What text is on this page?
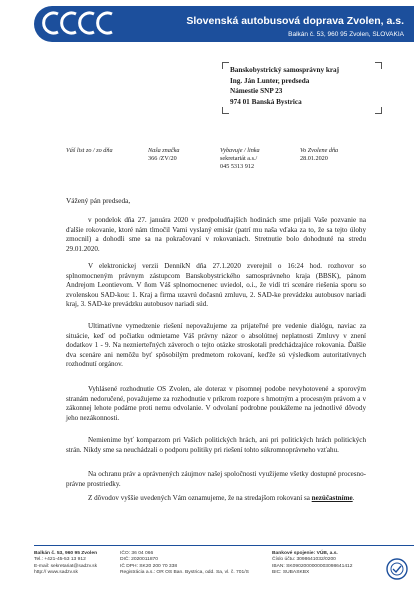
Slovenská autobusová doprava Zvolen, a.s.
Balkán č. 53, 960 95 Zvolen, SLOVAKIA
Banskobystrický samosprávny kraj
Ing. Ján Lunter, predseda
Námestie SNP 23
974 01 Banská Bystrica
Váš list zo / zo dňa	Naša značka
366 /ZV/20
Vybavuje / linka
sekretariát a.s./
045 5313 912
Vo Zvolene dňa
28.01.2020
Vážený pán predseda,
v pondelok dňa 27. januára 2020 v predpoludňajších hodinách sme prijali Vaše pozvanie na ďalšie rokovanie, ktoré nám tlmočil Vami vyslaný emisár (patrí mu naša vďaka za to, že sa tejto úlohy zmocnil) a dohodli sme sa na pokračovaní v rokovaniach. Stretnutie bolo dohodnuté na stredu 29.01.2020.
V elektronickej verzii DenníkN dňa 27.1.2020 zverejnil o 16:24 hod. rozhovor so splnomocneným právnym zástupcom Banskobystrického samosprávneho kraja (BBSK), pánom Andrejom Leontievom. V ňom Váš splnomocnenec uviedol, o.i., že vidí tri scenáre riešenia sporu so zvolenskou SAD-kou: 1. Kraj a firma uzavrú dočasnú zmluvu, 2. SAD-ke prevádzku autobusov nariadi kraj, 3. SAD-ke prevádzku autobusov nariadi súd.
Ultimatívne vymedzenie riešení nepovažujeme za prijateľné pre vedenie dialógu, naviac za situácie, keď od počiatku odmietame Váš právny názor o absolútnej neplatnosti Zmluvy v znení dodatkov 1 - 9. Na neznierteľných záveroch o tejto otázke stroskotali predchádzajúce rokovania. Ďalšie dva scenáre ani nemôžu byť spôsobilým predmetom rokovaní, keďže sú výsledkom autoritatívnych rozhodnutí orgánov.
Vyhlásené rozhodnutie OS Zvolen, ale doteraz v písomnej podobe nevyhotovené a sporovým stranám nedoručené, považujeme za rozhodnutie v príkrom rozpore s hmotným a procesným právom a v zákonnej lehote podáme proti nemu odvolanie. V odvolaní podrobne poukážeme na jednotlivé dôvody jeho nezákonnosti.
Nemienime byť komparzom pri Vašich politických hrách, ani pri politických hrách politických strán. Nikdy sme sa neuchádzali o podporu politiky pri riešení tohto súkromnoprávneho vzťahu.
Na ochranu práv a oprávnených záujmov našej spoločnosti využijeme všetky dostupné procesno-právne prostriedky.
Z dôvodov vyššie uvedených Vám oznamujeme, že na stredajšom rokovaní sa nezúčastníme.
Balkán č. 53, 960 95 Zvolen
Tel.: +421-45-53 13 912
E-mail: sekretariat@sadzv.sk
http:// www.sadzv.sk
IČO: 36 04 066
DIČ: 2020011870
IČ DPH: SK20 200 70 338
Registrácia a.s.: OR OS Ban. Bystrica, odd. Sa, vl. č. 701/S
Bankové spojenie: VÚB, a.s.
Číslo účtu: 3098641032/0200
IBAN: SK0902000000003098641412
BIC: SUBASKBX
